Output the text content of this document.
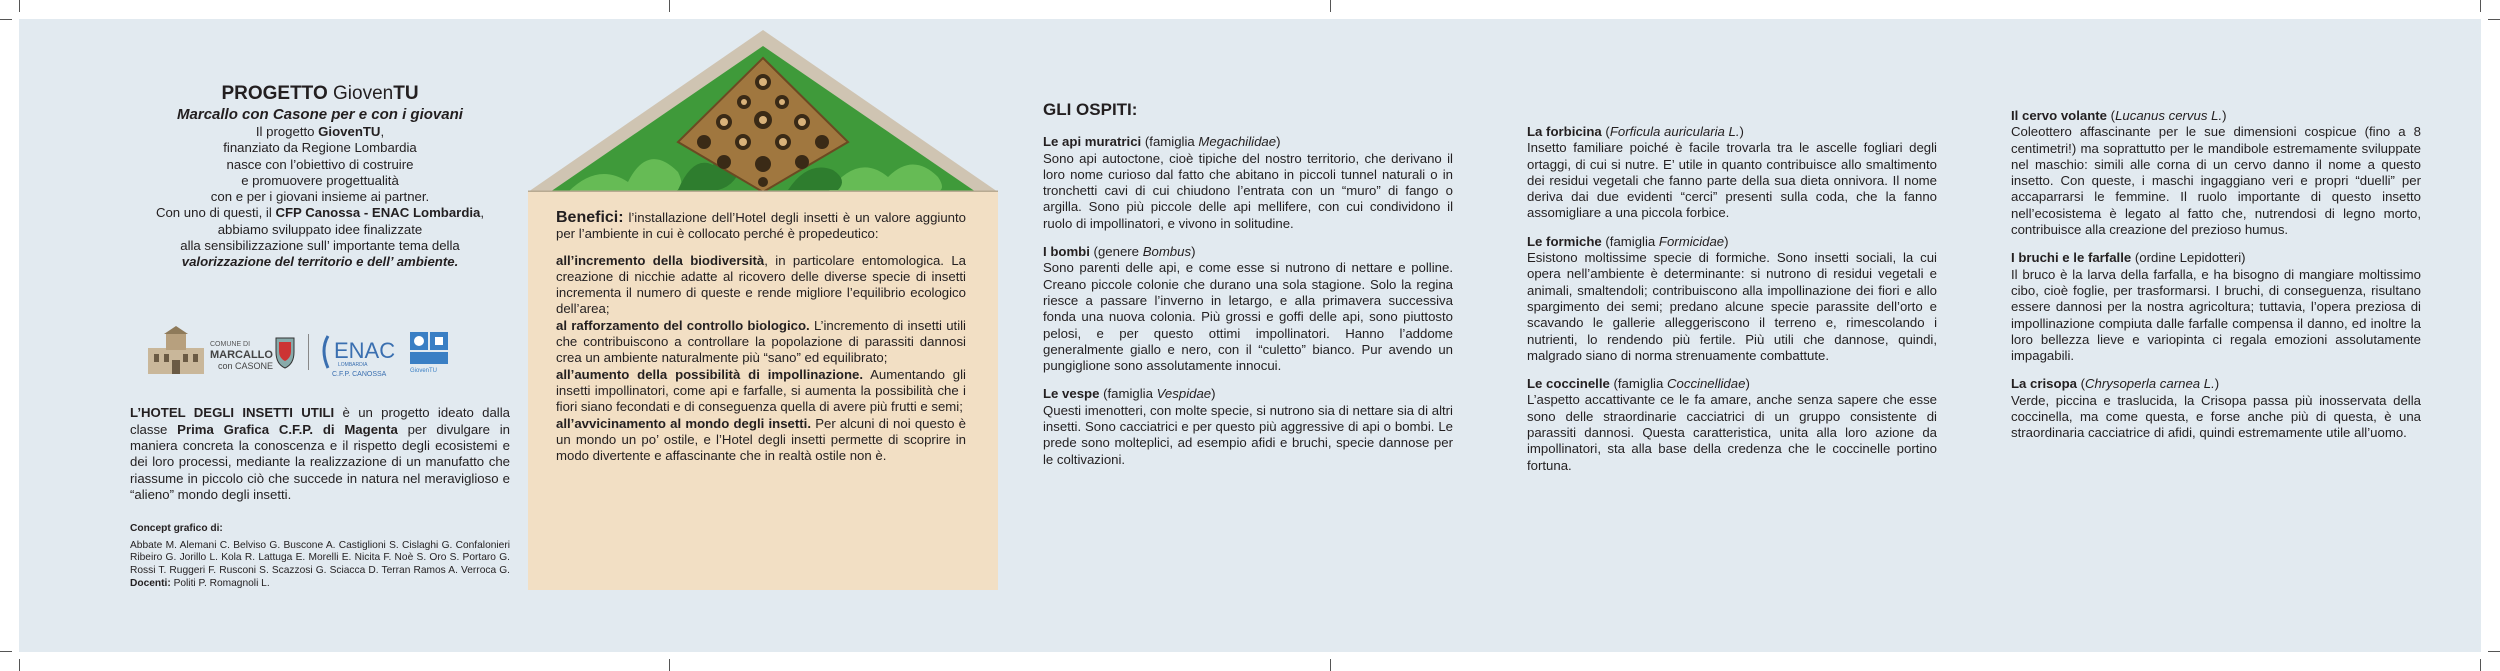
PROGETTO GiovenTU

Marcallo con Casone per e con i giovani

Il progetto GiovenTU,
finanziato da Regione Lombardia
nasce con l’obiettivo di costruire
e promuovere progettualità
con e per i giovani insieme ai partner.
Con uno di questi, il CFP Canossa - ENAC Lombardia,
abbiamo sviluppato idee finalizzate
alla sensibilizzazione sull’ importante tema della
valorizzazione del territorio e dell’ ambiente.

COMUNE DI
MARCALLO
con CASONE
ENAC
LOMBARDIA
C.F.P. CANOSSA	GiovenTU

L’HOTEL DEGLI INSETTI UTILI è un progetto ideato dalla classe Prima Grafica C.F.P. di Magenta per divulgare in maniera concreta la conoscenza e il rispetto degli ecosistemi e dei loro processi, mediante la realizzazione di un manufatto che riassume in piccolo ciò che succede in natura nel meraviglioso e “alieno” mondo degli insetti.

Concept grafico di:
Abbate M. Alemani C. Belviso G. Buscone A. Castiglioni S. Cislaghi G. Confalonieri Ribeiro G. Jorillo L. Kola R. Lattuga E. Morelli E. Nicita F. Noè S. Oro S. Portaro G. Rossi T. Ruggeri F. Rusconi S. Scazzosi G. Sciacca D. Terran Ramos A. Verroca G. Docenti: Politi P. Romagnoli L.

Benefici: l’installazione dell’Hotel degli insetti è un valore aggiunto per l’ambiente in cui è collocato perché è propedeutico:

all’incremento della biodiversità, in particolare entomologica. La creazione di nicchie adatte al ricovero delle diverse specie di insetti incrementa il numero di queste e rende migliore l’equilibrio ecologico dell’area;
al rafforzamento del controllo biologico. L’incremento di insetti utili che contribuiscono a controllare la popolazione di parassiti dannosi crea un ambiente naturalmente più “sano” ed equilibrato;
all’aumento della possibilità di impollinazione. Aumentando gli insetti impollinatori, come api e farfalle, si aumenta la possibilità che i fiori siano fecondati e di conseguenza quella di avere più frutti e semi;
all’avvicinamento al mondo degli insetti. Per alcuni di noi questo è un mondo un po’ ostile, e l’Hotel degli insetti permette di scoprire in modo divertente e affascinante che in realtà ostile non è.

GLI OSPITI:
Le api muratrici (famiglia Megachilidae)

Sono api autoctone, cioè tipiche del nostro territorio, che derivano il loro nome curioso dal fatto che abitano in piccoli tunnel naturali o in tronchetti cavi di cui chiudono l’entrata con un “muro” di fango o argilla. Sono più piccole delle api mellifere, con cui condividono il ruolo di impollinatori, e vivono in solitudine.

I bombi (genere Bombus)

Sono parenti delle api, e come esse si nutrono di nettare e polline. Creano piccole colonie che durano una sola stagione. Solo la regina riesce a passare l’inverno in letargo, e alla primavera successiva fonda una nuova colonia. Più grossi e goffi delle api, sono piuttosto pelosi, e per questo ottimi impollinatori. Hanno l’addome generalmente giallo e nero, con il “culetto” bianco. Pur avendo un pungiglione sono assolutamente innocui.

Le vespe (famiglia Vespidae)

Questi imenotteri, con molte specie, si nutrono sia di nettare sia di altri insetti. Sono cacciatrici e per questo più aggressive di api o bombi. Le prede sono molteplici, ad esempio afidi e bruchi, specie dannose per le coltivazioni.

La forbicina (Forficula auricularia L.)

Insetto familiare poiché è facile trovarla tra le ascelle fogliari degli ortaggi, di cui si nutre. E’ utile in quanto contribuisce allo smaltimento dei residui vegetali che fanno parte della sua dieta onnivora. Il nome deriva dai due evidenti “cerci” presenti sulla coda, che la fanno assomigliare a una piccola forbice.

Le formiche (famiglia Formicidae)

Esistono moltissime specie di formiche. Sono insetti sociali, la cui opera nell’ambiente è determinante: si nutrono di residui vegetali e animali, smaltendoli; contribuiscono alla impollinazione dei fiori e allo spargimento dei semi; predano alcune specie parassite dell’orto e scavando le gallerie alleggeriscono il terreno e, rimescolando i nutrienti, lo rendendo più fertile. Più utili che dannose, quindi, malgrado siano di norma strenuamente combattute.

Le coccinelle (famiglia Coccinellidae)

L’aspetto accattivante ce le fa amare, anche senza sapere che esse sono delle straordinarie cacciatrici di un gruppo consistente di parassiti dannosi. Questa caratteristica, unita alla loro azione da impollinatori, sta alla base della credenza che le coccinelle portino fortuna.

Il cervo volante (Lucanus cervus L.)

Coleottero affascinante per le sue dimensioni cospicue (fino a 8 centimetri!) ma soprattutto per le mandibole estremamente sviluppate nel maschio: simili alle corna di un cervo danno il nome a questo insetto. Con queste, i maschi ingaggiano veri e propri “duelli” per accaparrarsi le femmine. Il ruolo importante di questo insetto nell’ecosistema è legato al fatto che, nutrendosi di legno morto, contribuisce alla creazione del prezioso humus.

I bruchi e le farfalle (ordine Lepidotteri)

Il bruco è la larva della farfalla, e ha bisogno di mangiare moltissimo cibo, cioè foglie, per trasformarsi. I bruchi, di conseguenza, risultano essere dannosi per la nostra agricoltura; tuttavia, l’opera preziosa di impollinazione compiuta dalle farfalle compensa il danno, ed inoltre la loro bellezza lieve e variopinta ci regala emozioni assolutamente impagabili.

La crisopa (Chrysoperla carnea L.)

Verde, piccina e traslucida, la Crisopa passa più inosservata della coccinella, ma come questa, e forse anche più di questa, è una straordinaria cacciatrice di afidi, quindi estremamente utile all’uomo.
